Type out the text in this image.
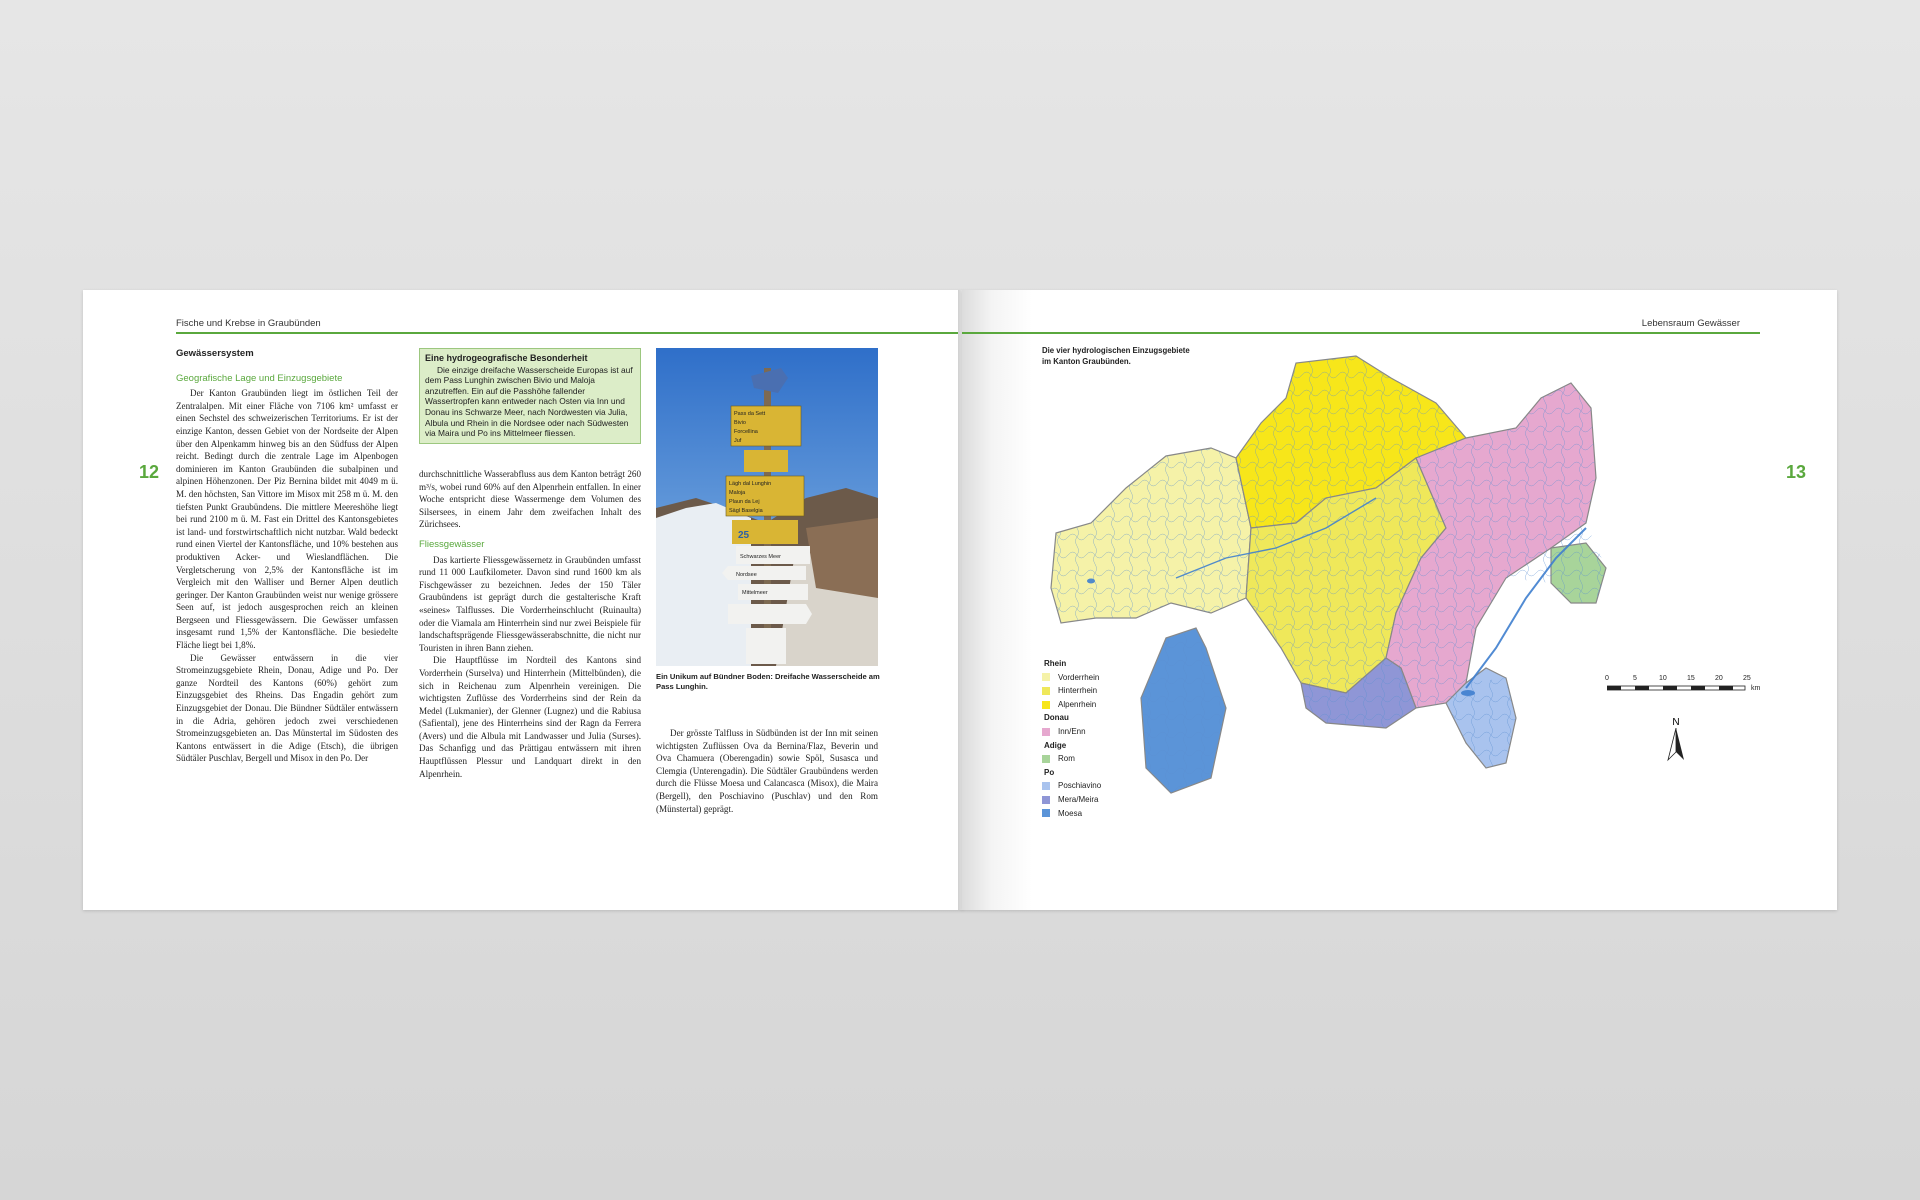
Fische und Krebse in Graubünden
12
Gewässersystem
Geografische Lage und Einzugsgebiete

Der Kanton Graubünden liegt im östlichen Teil der Zentralalpen. Mit einer Fläche von 7106 km² umfasst er einen Sechstel des schweizerischen Territoriums. Er ist der einzige Kanton, dessen Gebiet von der Nordseite der Alpen über den Alpenkamm hinweg bis an den Südfuss der Alpen reicht. Bedingt durch die zentrale Lage im Alpenbogen dominieren im Kanton Graubünden die subalpinen und alpinen Höhenzonen. Der Piz Bernina bildet mit 4049 m ü. M. den höchsten, San Vittore im Misox mit 258 m ü. M. den tiefsten Punkt Graubündens. Die mittlere Meereshöhe liegt bei rund 2100 m ü. M. Fast ein Drittel des Kantonsgebietes ist land- und forstwirtschaftlich nicht nutzbar. Wald bedeckt rund einen Viertel der Kantonsfläche, und 10% bestehen aus produktiven Acker- und Wieslandflächen. Die Vergletscherung von 2,5% der Kantonsfläche ist im Vergleich mit den Walliser und Berner Alpen deutlich geringer. Der Kanton Graubünden weist nur wenige grössere Seen auf, ist jedoch ausgesprochen reich an kleinen Bergseen und Fliessgewässern. Die Gewässer umfassen insgesamt rund 1,5% der Kantonsfläche. Die besiedelte Fläche liegt bei 1,8%.

Die Gewässer entwässern in die vier Stromeinzugsgebiete Rhein, Donau, Adige und Po. Der ganze Nordteil des Kantons (60%) gehört zum Einzugsgebiet des Rheins. Das Engadin gehört zum Einzugsgebiet der Donau. Die Bündner Südtäler entwässern in die Adria, gehören jedoch zwei verschiedenen Stromeinzugsgebieten an. Das Münstertal im Südosten des Kantons entwässert in die Adige (Etsch), die übrigen Südtäler Puschlav, Bergell und Misox in den Po. Der

Eine hydrogeografische Besonderheit
Die einzige dreifache Wasserscheide Europas ist auf dem Pass Lunghin zwischen Bivio und Maloja anzutreffen. Ein auf die Passhöhe fallender Wassertropfen kann entweder nach Osten via Inn und Donau ins Schwarze Meer, nach Nordwesten via Julia, Albula und Rhein in die Nordsee oder nach Südwesten via Maira und Po ins Mittelmeer fliessen.

durchschnittliche Wasserabfluss aus dem Kanton beträgt 260 m³/s, wobei rund 60% auf den Alpenrhein entfallen. In einer Woche entspricht diese Wassermenge dem Volumen des Silsersees, in einem Jahr dem zweifachen Inhalt des Zürichsees.

Fliessgewässer

Das kartierte Fliessgewässernetz in Graubünden umfasst rund 11 000 Laufkilometer. Davon sind rund 1600 km als Fischgewässer zu bezeichnen. Jedes der 150 Täler Graubündens ist geprägt durch die gestalterische Kraft «seines» Talflusses. Die Vorderrheinschlucht (Ruinaulta) oder die Viamala am Hinterrhein sind nur zwei Beispiele für landschaftsprägende Fliessgewässerabschnitte, die nicht nur Touristen in ihren Bann ziehen.

Die Hauptflüsse im Nordteil des Kantons sind Vorderrhein (Surselva) und Hinterrhein (Mittelbünden), die sich in Reichenau zum Alpenrhein vereinigen. Die wichtigsten Zuflüsse des Vorderrheins sind der Rein da Medel (Lukmanier), der Glenner (Lugnez) und die Rabiusa (Safiental), jene des Hinterrheins sind der Ragn da Ferrera (Avers) und die Albula mit Landwasser und Julia (Surses). Das Schanfigg und das Prättigau entwässern mit ihren Hauptflüssen Plessur und Landquart direkt in den Alpenrhein.

Pass da Sett
Bivio
Forcellina
Juf
Lägh dal Lunghin
Maloja
Plaun da Lej
Sägl Baselgia
25
Schwarzes Meer
Nordsee
Mittelmeer
Ein Unikum auf Bündner Boden: Dreifache Wasserscheide am Pass Lunghin.

Der grösste Talfluss in Südbünden ist der Inn mit seinen wichtigsten Zuflüssen Ova da Bernina/Flaz, Beverin und Ova Chamuera (Oberengadin) sowie Spöl, Susasca und Clemgia (Unterengadin). Die Südtäler Graubündens werden durch die Flüsse Moesa und Calancasca (Misox), die Maira (Bergell), den Poschiavino (Puschlav) und den Rom (Münstertal) geprägt.

Lebensraum Gewässer
13
Die vier hydrologischen Einzugsgebiete
im Kanton Graubünden.
Rhein
Vorderrhein
Hinterrhein
Alpenrhein
Donau
Inn/Enn
Adige
Rom
Po
Poschiavino
Mera/Meira
Moesa
0	5	10	15	20	25
km
N
